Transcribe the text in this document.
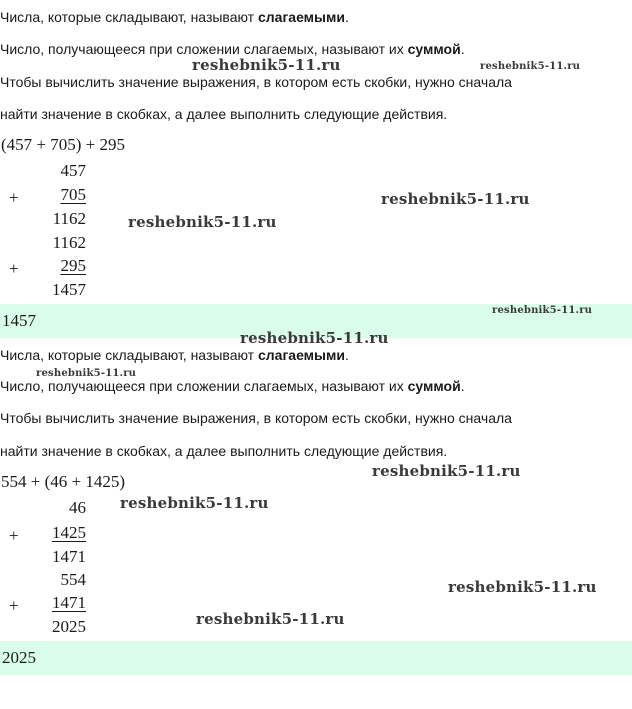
Числа, которые складывают, называют слагаемыми.
Число, получающееся при сложении слагаемых, называют их суммой.
Чтобы вычислить значение выражения, в котором есть скобки, нужно сначала
найти значение в скобках, а далее выполнить следующие действия.
(457 + 705) + 295
457
+	705
1162
1162
+	295
1457
1457
Числа, которые складывают, называют слагаемыми.
Число, получающееся при сложении слагаемых, называют их суммой.
Чтобы вычислить значение выражения, в котором есть скобки, нужно сначала
найти значение в скобках, а далее выполнить следующие действия.
554 + (46 + 1425)
46
+	1425
1471
554
+	1471
2025
2025
reshebnik5-11.ru	reshebnik5-11.ru
reshebnik5-11.ru
reshebnik5-11.ru
reshebnik5-11.ru
reshebnik5-11.ru
reshebnik5-11.ru
reshebnik5-11.ru
reshebnik5-11.ru
reshebnik5-11.ru
reshebnik5-11.ru
